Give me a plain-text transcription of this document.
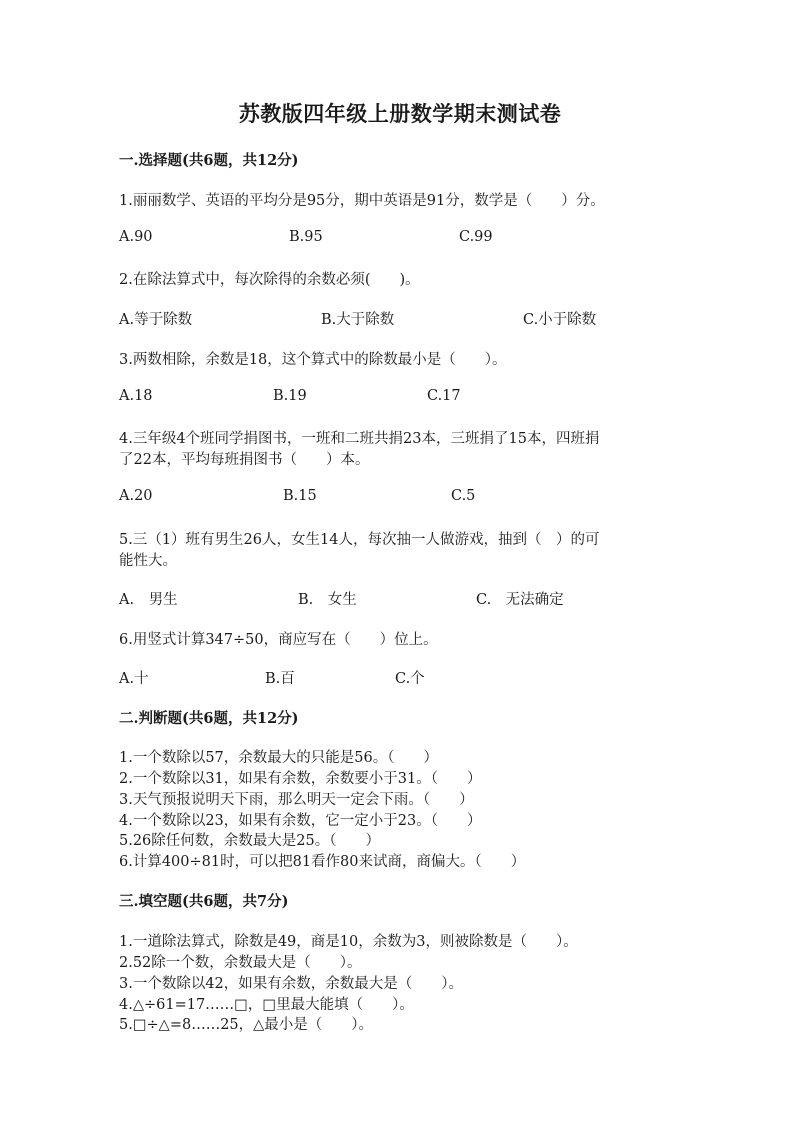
苏教版四年级上册数学期末测试卷
一.选择题(共6题，共12分)
1.丽丽数学、英语的平均分是95分，期中英语是91分，数学是（　　）分。
A.90	B.95	C.99
2.在除法算式中，每次除得的余数必须(　　)。
A.等于除数	B.大于除数	C.小于除数
3.两数相除，余数是18，这个算式中的除数最小是（　　）。
A.18	B.19	C.17
4.三年级4个班同学捐图书，一班和二班共捐23本，三班捐了15本，四班捐
了22本，平均每班捐图书（　　）本。
A.20	B.15	C.5
5.三（1）班有男生26人，女生14人，每次抽一人做游戏，抽到（　）的可
能性大。
A.　男生	B.　女生	C.　无法确定
6.用竖式计算347÷50，商应写在（　　）位上。
A.十	B.百	C.个
二.判断题(共6题，共12分)
1.一个数除以57，余数最大的只能是56。（　　）
2.一个数除以31，如果有余数，余数要小于31。（　　）
3.天气预报说明天下雨，那么明天一定会下雨。（　　）
4.一个数除以23，如果有余数，它一定小于23。（　　）
5.26除任何数，余数最大是25。（　　）
6.计算400÷81时，可以把81看作80来试商，商偏大。（　　）
三.填空题(共6题，共7分)
1.一道除法算式，除数是49，商是10，余数为3，则被除数是（　　）。
2.52除一个数，余数最大是（　　）。
3.一个数除以42，如果有余数，余数最大是（　　）。
4.△÷61=17……□，□里最大能填（　　）。
5.□÷△=8……25，△最小是（　　）。
